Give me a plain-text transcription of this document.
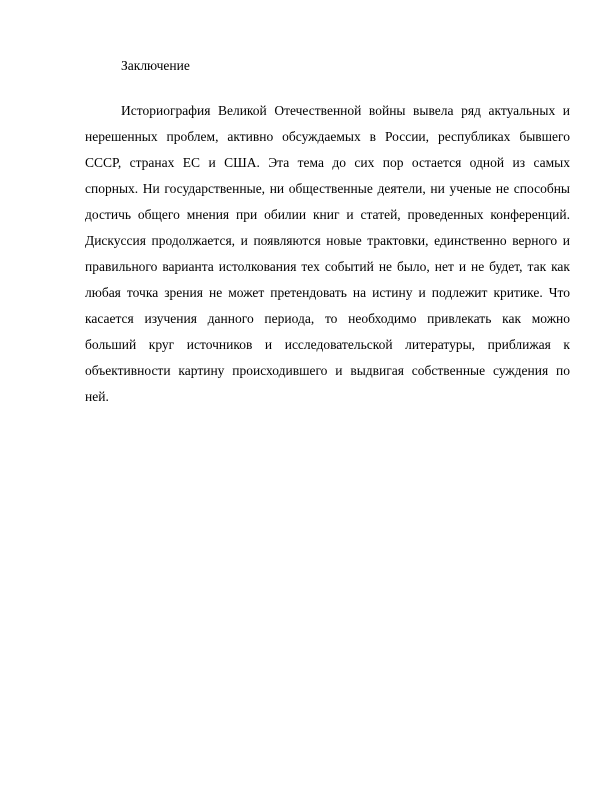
Заключение
Историография Великой Отечественной войны вывела ряд актуальных и
нерешенных проблем, активно обсуждаемых в России, республиках бывшего
СССР, странах ЕС и США. Эта тема до сих пор остается одной из самых
спорных. Ни государственные, ни общественные деятели, ни ученые не способны
достичь общего мнения при обилии книг и статей, проведенных конференций.
Дискуссия продолжается, и появляются новые трактовки, единственно верного и
правильного варианта истолкования тех событий не было, нет и не будет, так как
любая точка зрения не может претендовать на истину и подлежит критике. Что
касается изучения данного периода, то необходимо привлекать как можно
больший круг источников и исследовательской литературы, приближая к
объективности картину происходившего и выдвигая собственные суждения по
ней.
